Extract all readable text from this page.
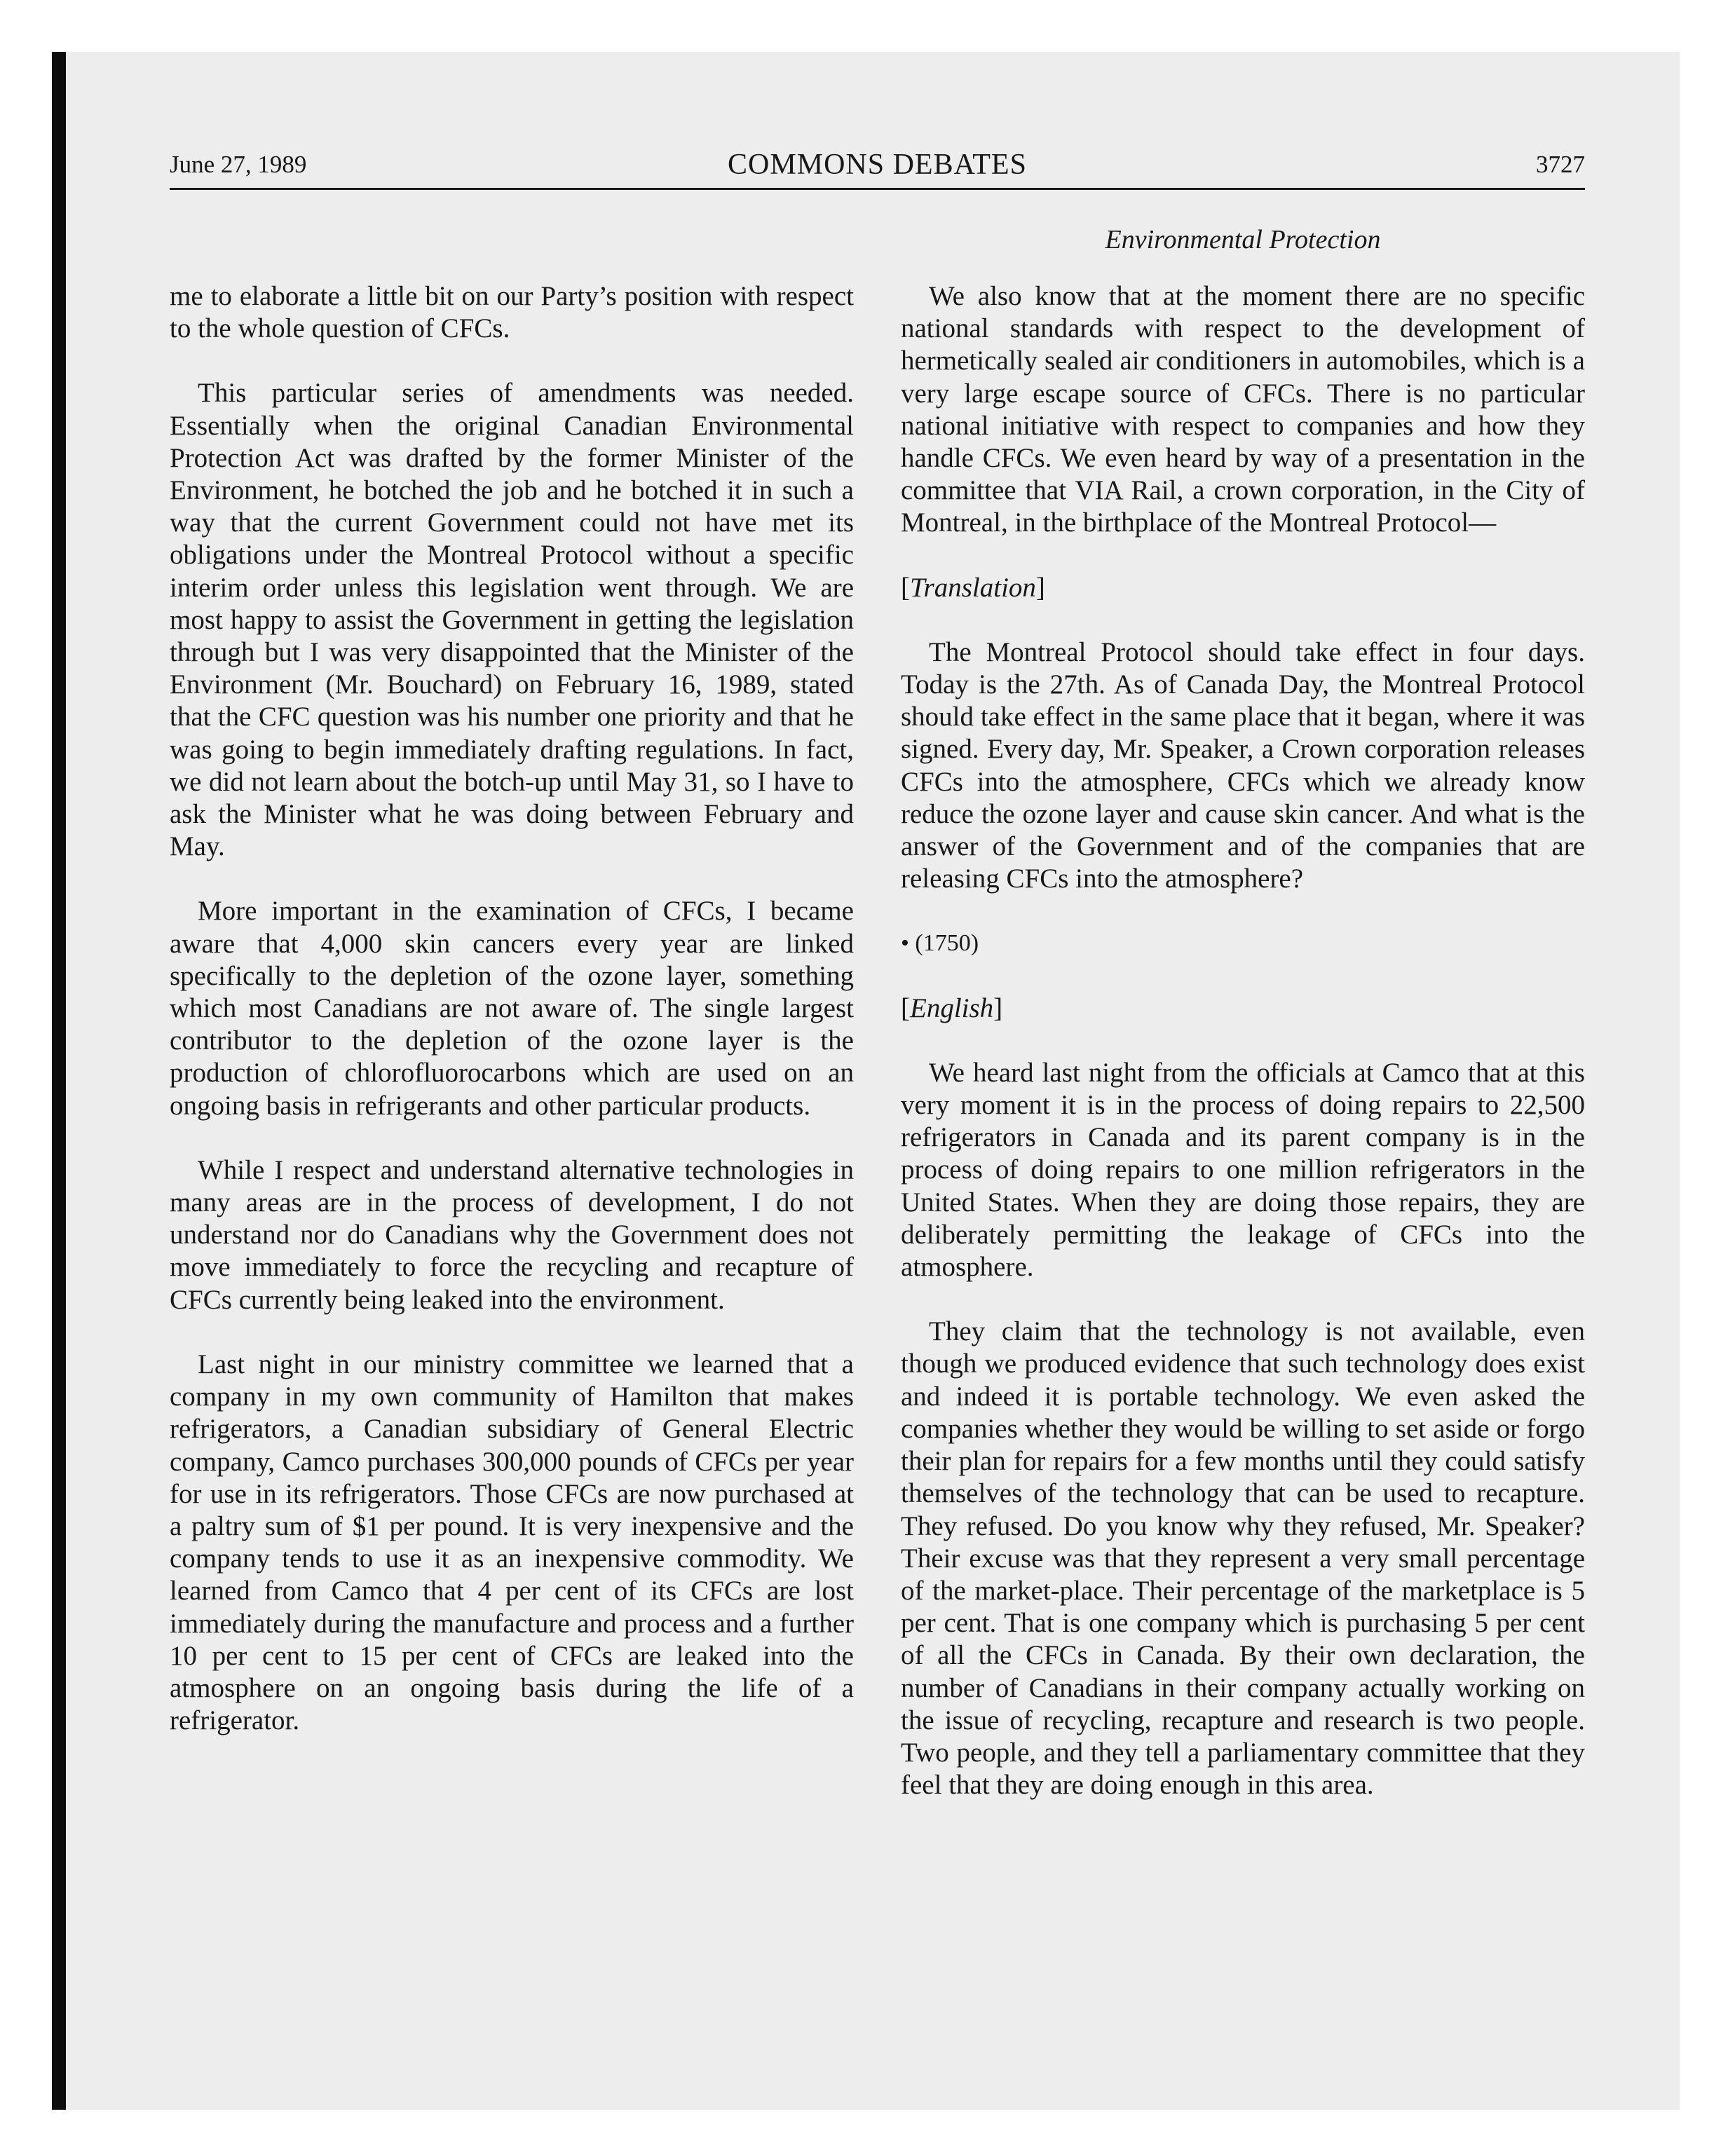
June 27, 1989	COMMONS DEBATES	3727
Environmental Protection

me to elaborate a little bit on our Party’s position with respect to the whole question of CFCs.

This particular series of amendments was needed. Essentially when the original Canadian Environmental Protection Act was drafted by the former Minister of the Environment, he botched the job and he botched it in such a way that the current Government could not have met its obligations under the Montreal Protocol without a specific interim order unless this legislation went through. We are most happy to assist the Government in getting the legislation through but I was very disappointed that the Minister of the Environment (Mr. Bouchard) on February 16, 1989, stated that the CFC question was his number one priority and that he was going to begin immediately drafting regulations. In fact, we did not learn about the botch-up until May 31, so I have to ask the Minister what he was doing between February and May.

More important in the examination of CFCs, I became aware that 4,000 skin cancers every year are linked specifically to the depletion of the ozone layer, something which most Canadians are not aware of. The single largest contributor to the depletion of the ozone layer is the production of chlorofluorocarbons which are used on an ongoing basis in refrigerants and other particular products.

While I respect and understand alternative technologies in many areas are in the process of development, I do not understand nor do Canadians why the Government does not move immediately to force the recycling and recapture of CFCs currently being leaked into the environment.

Last night in our ministry committee we learned that a company in my own community of Hamilton that makes refrigerators, a Canadian subsidiary of General Electric company, Camco purchases 300,000 pounds of CFCs per year for use in its refrigerators. Those CFCs are now purchased at a paltry sum of $1 per pound. It is very inexpensive and the company tends to use it as an inexpensive commodity. We learned from Camco that 4 per cent of its CFCs are lost immediately during the manufacture and process and a further 10 per cent to 15 per cent of CFCs are leaked into the atmosphere on an ongoing basis during the life of a refrigerator.

We also know that at the moment there are no specific national standards with respect to the development of hermetically sealed air conditioners in automobiles, which is a very large escape source of CFCs. There is no particular national initiative with respect to companies and how they handle CFCs. We even heard by way of a presentation in the committee that VIA Rail, a crown corporation, in the City of Montreal, in the birthplace of the Montreal Protocol—

[Translation]

The Montreal Protocol should take effect in four days. Today is the 27th. As of Canada Day, the Montreal Protocol should take effect in the same place that it began, where it was signed. Every day, Mr. Speaker, a Crown corporation releases CFCs into the atmosphere, CFCs which we already know reduce the ozone layer and cause skin cancer. And what is the answer of the Government and of the companies that are releasing CFCs into the atmosphere?

• (1750)

[English]

We heard last night from the officials at Camco that at this very moment it is in the process of doing repairs to 22,500 refrigerators in Canada and its parent company is in the process of doing repairs to one million refrigerators in the United States. When they are doing those repairs, they are deliberately permitting the leakage of CFCs into the atmosphere.

They claim that the technology is not available, even though we produced evidence that such technology does exist and indeed it is portable technology. We even asked the companies whether they would be willing to set aside or forgo their plan for repairs for a few months until they could satisfy themselves of the technology that can be used to recapture. They refused. Do you know why they refused, Mr. Speaker? Their excuse was that they represent a very small percentage of the market-place. Their percentage of the marketplace is 5 per cent. That is one company which is purchasing 5 per cent of all the CFCs in Canada. By their own declaration, the number of Canadians in their company actually working on the issue of recycling, recapture and research is two people. Two people, and they tell a parliamentary committee that they feel that they are doing enough in this area.
